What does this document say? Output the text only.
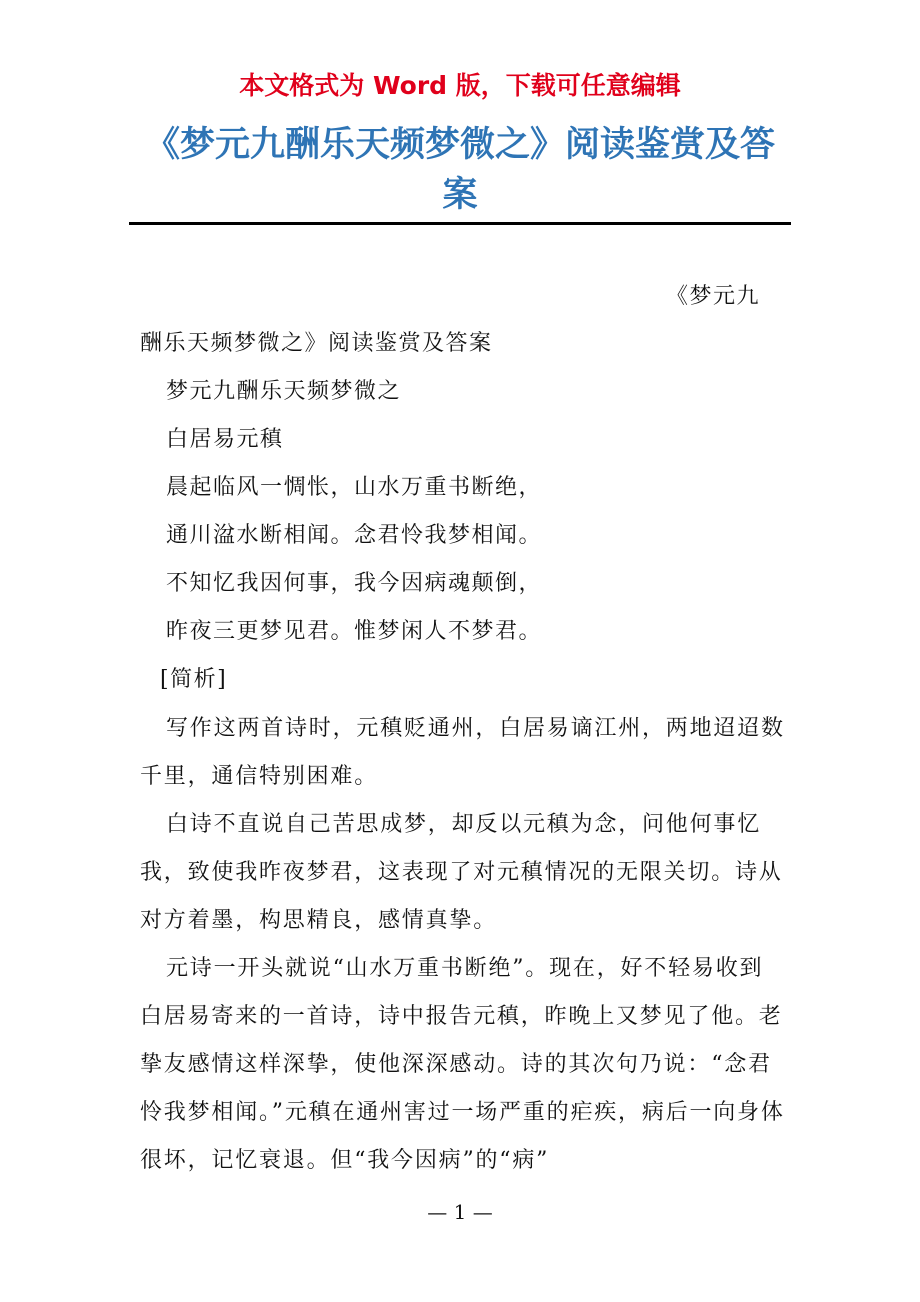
本文格式为 Word 版，下载可任意编辑
《梦元九酬乐天频梦微之》阅读鉴赏及答案
《梦元九
酬乐天频梦微之》阅读鉴赏及答案
梦元九酬乐天频梦微之
白居易元稹
晨起临风一惆怅，山水万重书断绝，
通川湓水断相闻。念君怜我梦相闻。
不知忆我因何事，我今因病魂颠倒，
昨夜三更梦见君。惟梦闲人不梦君。
[简析]
写作这两首诗时，元稹贬通州，白居易谪江州，两地迢迢数千里，通信特别困难。
白诗不直说自己苦思成梦，却反以元稹为念，问他何事忆我，致使我昨夜梦君，这表现了对元稹情况的无限关切。诗从对方着墨，构思精良，感情真挚。
元诗一开头就说“山水万重书断绝”。现在，好不轻易收到白居易寄来的一首诗，诗中报告元稹，昨晚上又梦见了他。老挚友感情这样深挚，使他深深感动。诗的其次句乃说：“念君怜我梦相闻。”元稹在通州害过一场严重的疟疾，病后一向身体很坏，记忆衰退。但“我今因病”的“病”
— 1 —
